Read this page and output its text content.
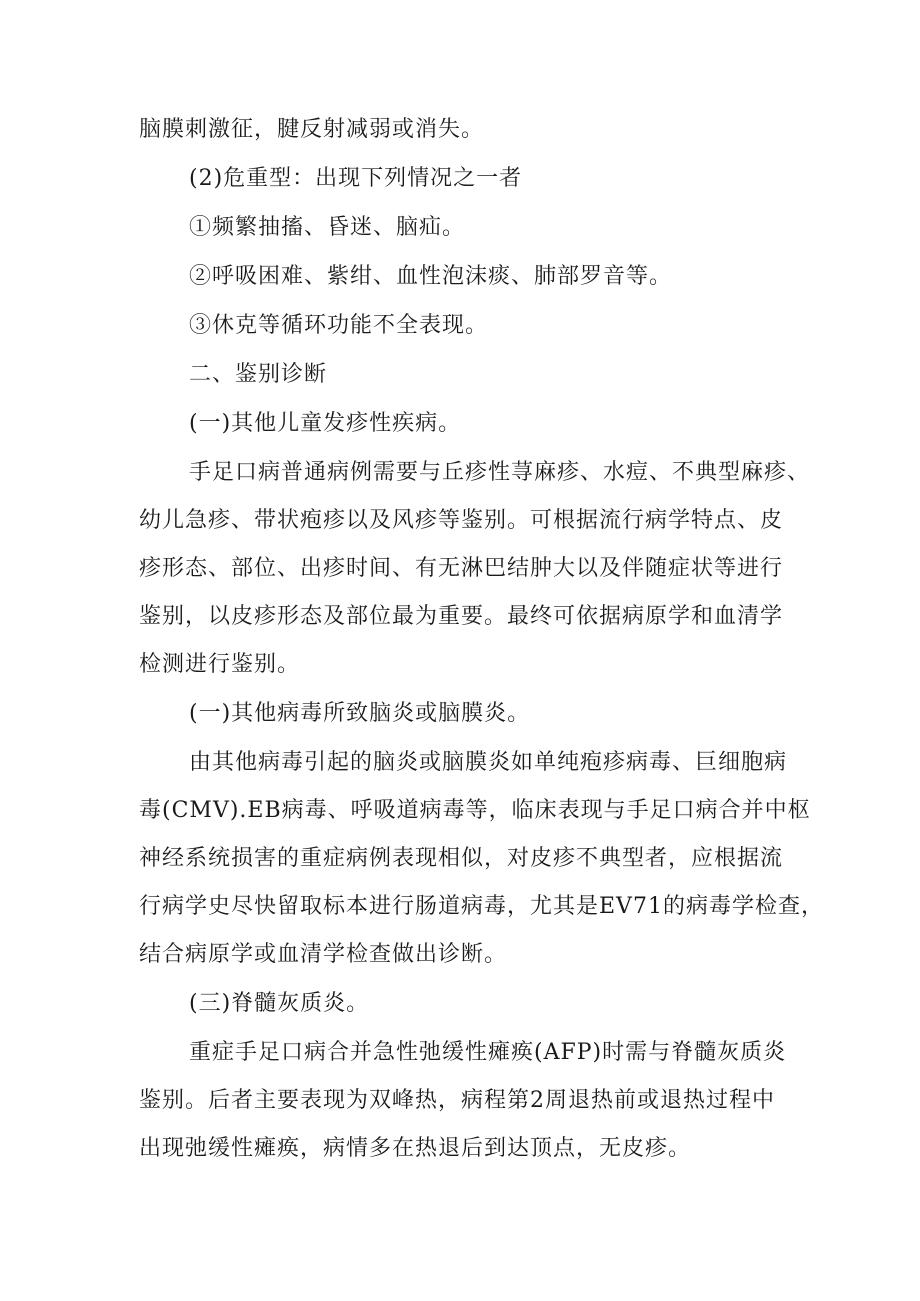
脑膜刺激征，腱反射减弱或消失。

(2)危重型：出现下列情况之一者

①频繁抽搐、昏迷、脑疝。

②呼吸困难、紫绀、血性泡沫痰、肺部罗音等。

③休克等循环功能不全表现。

二、鉴别诊断

(一)其他儿童发疹性疾病。

手足口病普通病例需要与丘疹性荨麻疹、水痘、不典型麻疹、
幼儿急疹、带状疱疹以及风疹等鉴别。可根据流行病学特点、皮
疹形态、部位、出疹时间、有无淋巴结肿大以及伴随症状等进行
鉴别，以皮疹形态及部位最为重要。最终可依据病原学和血清学
检测进行鉴别。

(一)其他病毒所致脑炎或脑膜炎。

由其他病毒引起的脑炎或脑膜炎如单纯疱疹病毒、巨细胞病
毒(CMV).EB病毒、呼吸道病毒等，临床表现与手足口病合并中枢
神经系统损害的重症病例表现相似，对皮疹不典型者，应根据流
行病学史尽快留取标本进行肠道病毒，尤其是EV71的病毒学检查，
结合病原学或血清学检查做出诊断。

(三)脊髓灰质炎。

重症手足口病合并急性弛缓性瘫痪(AFP)时需与脊髓灰质炎
鉴别。后者主要表现为双峰热，病程第2周退热前或退热过程中
出现弛缓性瘫痪，病情多在热退后到达顶点，无皮疹。
